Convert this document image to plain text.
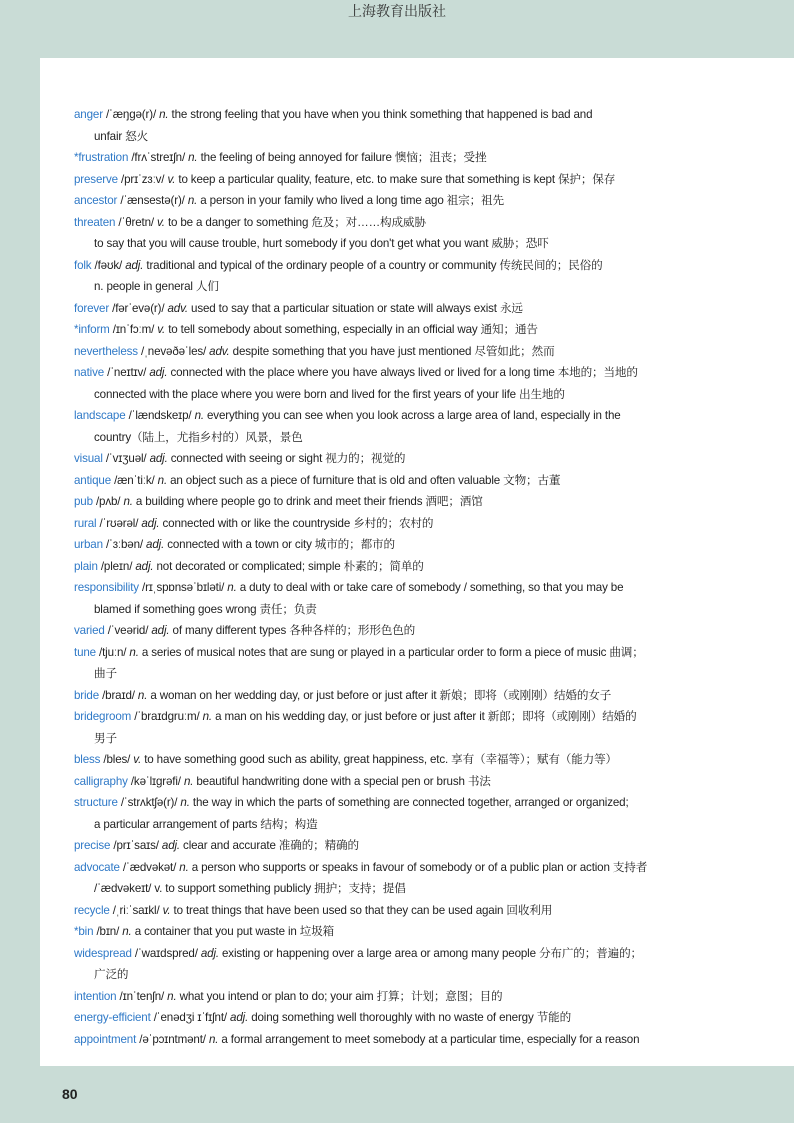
上海教育出版社
anger /ˈæŋɡə(r)/ n. the strong feeling that you have when you think something that happened is bad and
unfair 怒火
*frustration /frʌˈstreɪʃn/ n. the feeling of being annoyed for failure 懊恼；沮丧；受挫
preserve /prɪˈzɜːv/ v. to keep a particular quality, feature, etc. to make sure that something is kept 保护；保存
ancestor /ˈænsestə(r)/ n. a person in your family who lived a long time ago 祖宗；祖先
threaten /ˈθretn/ v. to be a danger to something 危及；对……构成威胁
to say that you will cause trouble, hurt somebody if you don't get what you want 威胁；恐吓
folk /fəʊk/ adj. traditional and typical of the ordinary people of a country or community 传统民间的；民俗的
n. people in general 人们
forever /fərˈevə(r)/ adv. used to say that a particular situation or state will always exist 永远
*inform /ɪnˈfɔːm/ v. to tell somebody about something, especially in an official way 通知；通告
nevertheless /ˌnevəðəˈles/ adv. despite something that you have just mentioned 尽管如此；然而
native /ˈneɪtɪv/ adj. connected with the place where you have always lived or lived for a long time 本地的；当地的
connected with the place where you were born and lived for the first years of your life 出生地的
landscape /ˈlændskeɪp/ n. everything you can see when you look across a large area of land, especially in the
country（陆上，尤指乡村的）风景，景色
visual /ˈvɪʒuəl/ adj. connected with seeing or sight 视力的；视觉的
antique /ænˈtiːk/ n. an object such as a piece of furniture that is old and often valuable 文物；古董
pub /pʌb/ n. a building where people go to drink and meet their friends 酒吧；酒馆
rural /ˈrʊərəl/ adj. connected with or like the countryside 乡村的；农村的
urban /ˈɜːbən/ adj. connected with a town or city 城市的；都市的
plain /pleɪn/ adj. not decorated or complicated; simple 朴素的；简单的
responsibility /rɪˌspɒnsəˈbɪləti/ n. a duty to deal with or take care of somebody / something, so that you may be
blamed if something goes wrong 责任；负责
varied /ˈveərid/ adj. of many different types 各种各样的；形形色色的
tune /tjuːn/ n. a series of musical notes that are sung or played in a particular order to form a piece of music 曲调；
曲子
bride /braɪd/ n. a woman on her wedding day, or just before or just after it 新娘；即将（或刚刚）结婚的女子
bridegroom /ˈbraɪdɡruːm/ n. a man on his wedding day, or just before or just after it 新郎；即将（或刚刚）结婚的
男子
bless /bles/ v. to have something good such as ability, great happiness, etc. 享有（幸福等）；赋有（能力等）
calligraphy /kəˈlɪɡrəfi/ n. beautiful handwriting done with a special pen or brush 书法
structure /ˈstrʌktʃə(r)/ n. the way in which the parts of something are connected together, arranged or organized;
a particular arrangement of parts 结构；构造
precise /prɪˈsaɪs/ adj. clear and accurate 准确的；精确的
advocate /ˈædvəkət/ n. a person who supports or speaks in favour of somebody or of a public plan or action 支持者
/ˈædvəkeɪt/ v. to support something publicly 拥护；支持；提倡
recycle /ˌriːˈsaɪkl/ v. to treat things that have been used so that they can be used again 回收利用
*bin /bɪn/ n. a container that you put waste in 垃圾箱
widespread /ˈwaɪdspred/ adj. existing or happening over a large area or among many people 分布广的；普遍的；
广泛的
intention /ɪnˈtenʃn/ n. what you intend or plan to do; your aim 打算；计划；意图；目的
energy-efficient /ˈenədʒi ɪˈfɪʃnt/ adj. doing something well thoroughly with no waste of energy 节能的
appointment /əˈpɔɪntmənt/ n. a formal arrangement to meet somebody at a particular time, especially for a reason
80
